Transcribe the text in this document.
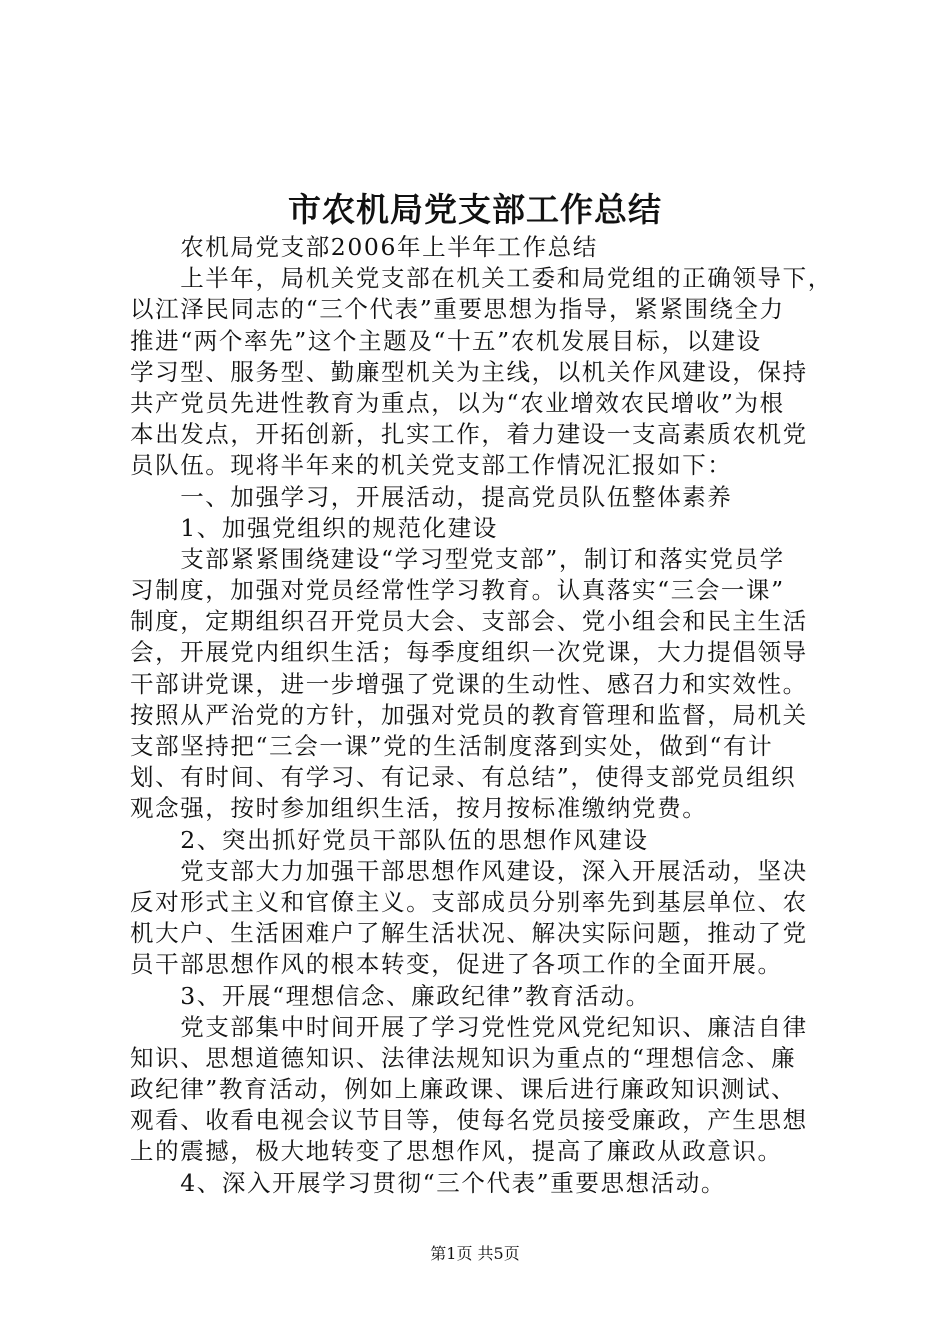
市农机局党支部工作总结
　　农机局党支部2006年上半年工作总结
　　上半年，局机关党支部在机关工委和局党组的正确领导下，
以江泽民同志的“三个代表”重要思想为指导，紧紧围绕全力
推进“两个率先”这个主题及“十五”农机发展目标，以建设
学习型、服务型、勤廉型机关为主线，以机关作风建设，保持
共产党员先进性教育为重点，以为“农业增效农民增收”为根
本出发点，开拓创新，扎实工作，着力建设一支高素质农机党
员队伍。现将半年来的机关党支部工作情况汇报如下：
　　一、加强学习，开展活动，提高党员队伍整体素养
　　1、加强党组织的规范化建设
　　支部紧紧围绕建设“学习型党支部”，制订和落实党员学
习制度，加强对党员经常性学习教育。认真落实“三会一课”
制度，定期组织召开党员大会、支部会、党小组会和民主生活
会，开展党内组织生活；每季度组织一次党课，大力提倡领导
干部讲党课，进一步增强了党课的生动性、感召力和实效性。
按照从严治党的方针，加强对党员的教育管理和监督，局机关
支部坚持把“三会一课”党的生活制度落到实处，做到“有计
划、有时间、有学习、有记录、有总结”，使得支部党员组织
观念强，按时参加组织生活，按月按标准缴纳党费。
　　2、突出抓好党员干部队伍的思想作风建设
　　党支部大力加强干部思想作风建设，深入开展活动，坚决
反对形式主义和官僚主义。支部成员分别率先到基层单位、农
机大户、生活困难户了解生活状况、解决实际问题，推动了党
员干部思想作风的根本转变，促进了各项工作的全面开展。
　　3、开展“理想信念、廉政纪律”教育活动。
　　党支部集中时间开展了学习党性党风党纪知识、廉洁自律
知识、思想道德知识、法律法规知识为重点的“理想信念、廉
政纪律”教育活动，例如上廉政课、课后进行廉政知识测试、
观看、收看电视会议节目等，使每名党员接受廉政，产生思想
上的震撼，极大地转变了思想作风，提高了廉政从政意识。
　　4、深入开展学习贯彻“三个代表”重要思想活动。
第1页 共5页
